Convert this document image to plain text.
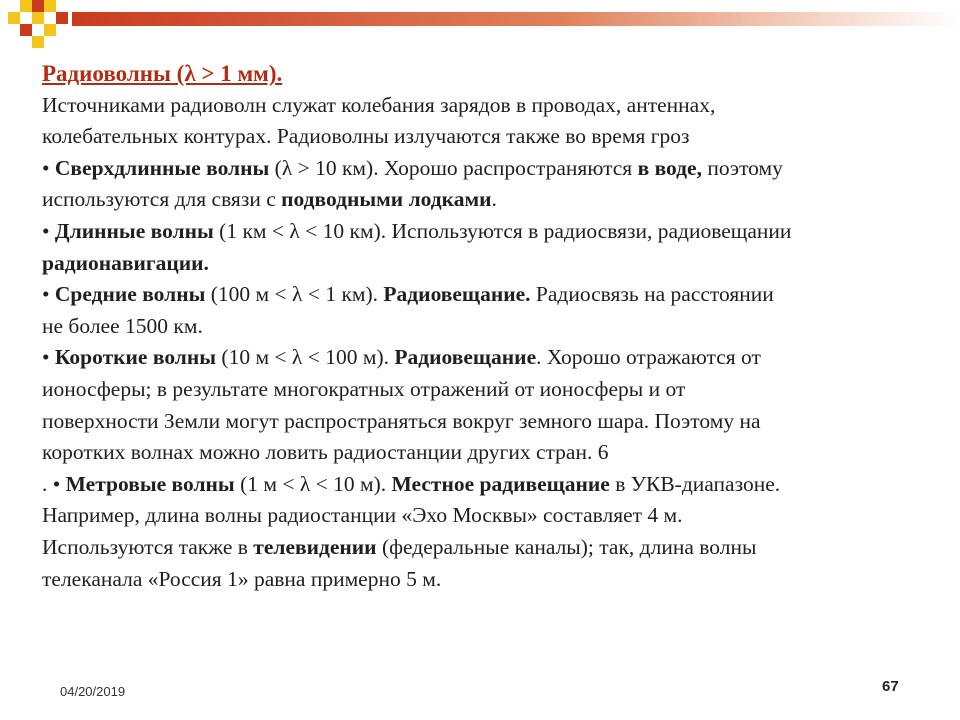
Радиоволны (λ > 1 мм).
Источниками радиоволн служат колебания зарядов в проводах, антеннах,
колебательных контурах. Радиоволны излучаются также во время гроз
• Сверхдлинные волны (λ > 10 км). Хорошо распространяются в воде, поэтому
используются для связи с подводными лодками.
• Длинные волны (1 км < λ < 10 км). Используются в радиосвязи, радиовещании
радионавигации.
• Средние волны (100 м < λ < 1 км). Радиовещание. Радиосвязь на расстоянии
не более 1500 км.
• Короткие волны (10 м < λ < 100 м). Радиовещание. Хорошо отражаются от
ионосферы; в результате многократных отражений от ионосферы и от
поверхности Земли могут распространяться вокруг земного шара. Поэтому на
коротких волнах можно ловить радиостанции других стран. 6
. • Метровые волны (1 м < λ < 10 м). Местное радивещание в УКВ-диапазоне.
Например, длина волны радиостанции «Эхо Москвы» составляет 4 м.
Используются также в телевидении (федеральные каналы); так, длина волны
телеканала «Россия 1» равна примерно 5 м.
04/20/2019	67
